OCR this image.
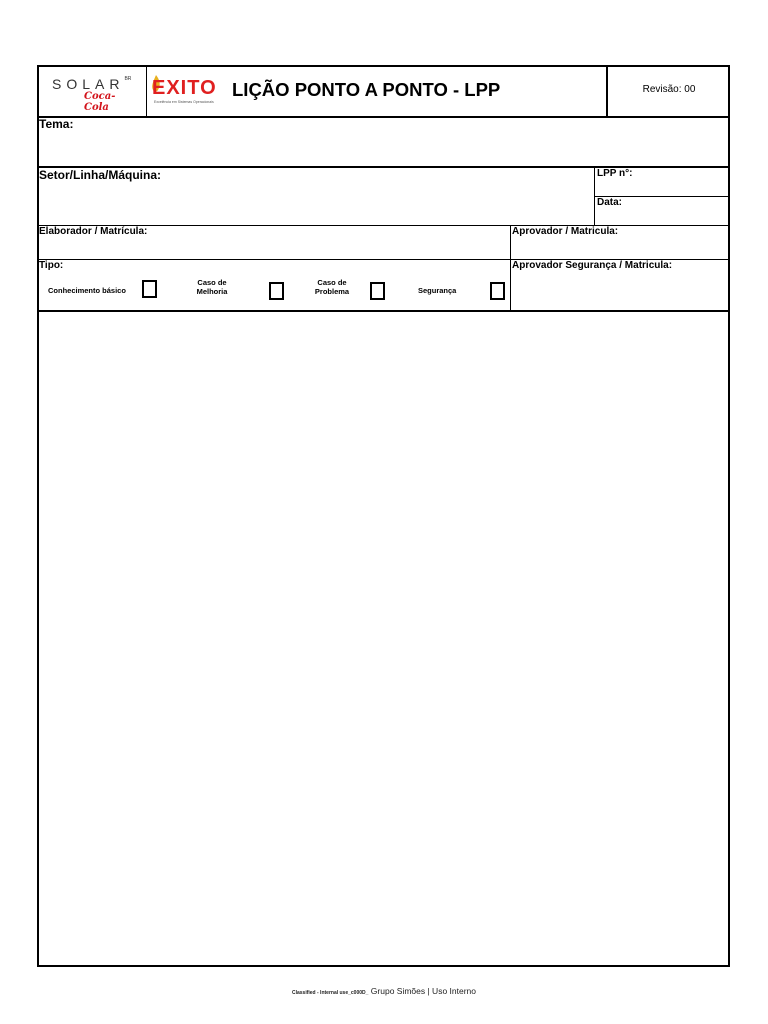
$SOLAR^{BR}$
Coca-Cola
EXITO
Excelência em Sistemas Operacionais
LIÇÃO PONTO A PONTO - LPP	Revisão: 00
Tema:
Setor/Linha/Máquina:	LPP n°:
Data:
Elaborador / Matrícula:	Aprovador / Matricula:
Tipo:	Aprovador Segurança / Matricula:
Conhecimento básico
Caso de
Melhoria
Caso de
Problema	Segurança
Classified - Internal use_c000D_ Grupo Simões | Uso Interno
